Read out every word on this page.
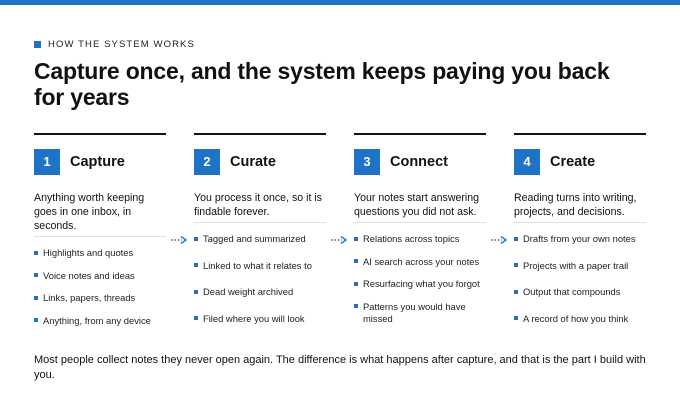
HOW THE SYSTEM WORKS
Capture once, and the system keeps paying you back for years
1	Capture
Anything worth keeping goes in one inbox, in seconds.
Highlights and quotes
Voice notes and ideas
Links, papers, threads
Anything, from any device
2	Curate
You process it once, so it is findable forever.
Tagged and summarized
Linked to what it relates to
Dead weight archived
Filed where you will look
3	Connect
Your notes start answering questions you did not ask.
Relations across topics
AI search across your notes
Resurfacing what you forgot
Patterns you would have missed
4	Create
Reading turns into writing, projects, and decisions.
Drafts from your own notes
Projects with a paper trail
Output that compounds
A record of how you think

Most people collect notes they never open again. The difference is what happens after capture, and that is the part I build with you.
